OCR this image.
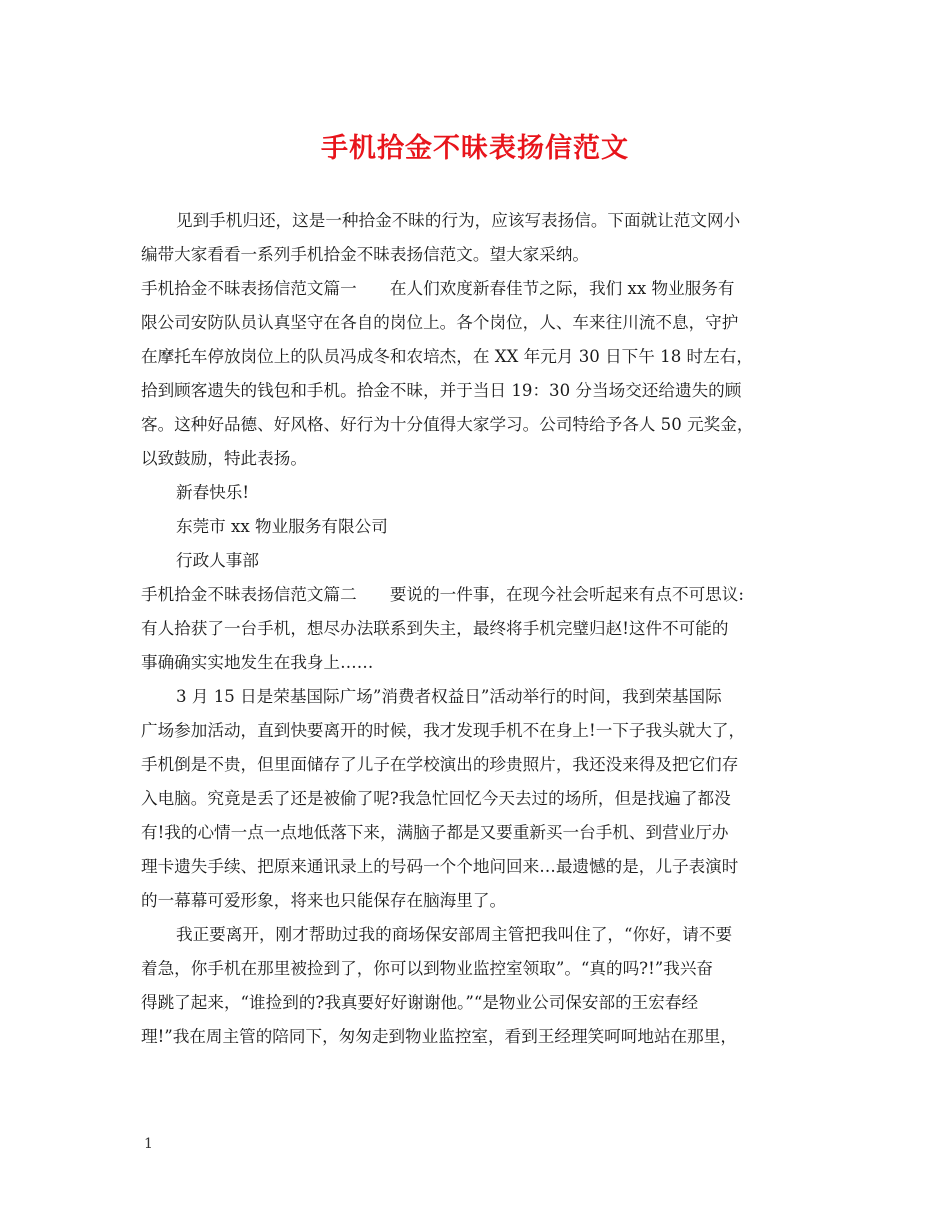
手机拾金不昧表扬信范文
见到手机归还，这是一种拾金不昧的行为，应该写表扬信。下面就让范文网小
编带大家看看一系列手机拾金不昧表扬信范文。望大家采纳。
手机拾金不昧表扬信范文篇一　　在人们欢度新春佳节之际，我们 xx 物业服务有
限公司安防队员认真坚守在各自的岗位上。各个岗位，人、车来往川流不息，守护
在摩托车停放岗位上的队员冯成冬和农培杰，在 XX 年元月 30 日下午 18 时左右，
拾到顾客遗失的钱包和手机。拾金不昧，并于当日 19：30 分当场交还给遗失的顾
客。这种好品德、好风格、好行为十分值得大家学习。公司特给予各人 50 元奖金，
以致鼓励，特此表扬。
新春快乐!
东莞市 xx 物业服务有限公司
行政人事部
手机拾金不昧表扬信范文篇二　　要说的一件事，在现今社会听起来有点不可思议:
有人拾获了一台手机，想尽办法联系到失主，最终将手机完璧归赵!这件不可能的
事确确实实地发生在我身上……
3 月 15 日是荣基国际广场”消费者权益日”活动举行的时间，我到荣基国际
广场参加活动，直到快要离开的时候，我才发现手机不在身上!一下子我头就大了，
手机倒是不贵，但里面储存了儿子在学校演出的珍贵照片，我还没来得及把它们存
入电脑。究竟是丢了还是被偷了呢?我急忙回忆今天去过的场所，但是找遍了都没
有!我的心情一点一点地低落下来，满脑子都是又要重新买一台手机、到营业厅办
理卡遗失手续、把原来通讯录上的号码一个个地问回来…最遗憾的是，儿子表演时
的一幕幕可爱形象，将来也只能保存在脑海里了。
我正要离开，刚才帮助过我的商场保安部周主管把我叫住了，“你好，请不要
着急，你手机在那里被捡到了，你可以到物业监控室领取”。“真的吗?!”我兴奋
得跳了起来，“谁捡到的?我真要好好谢谢他。”“是物业公司保安部的王宏春经
理!”我在周主管的陪同下，匆匆走到物业监控室，看到王经理笑呵呵地站在那里，
1
